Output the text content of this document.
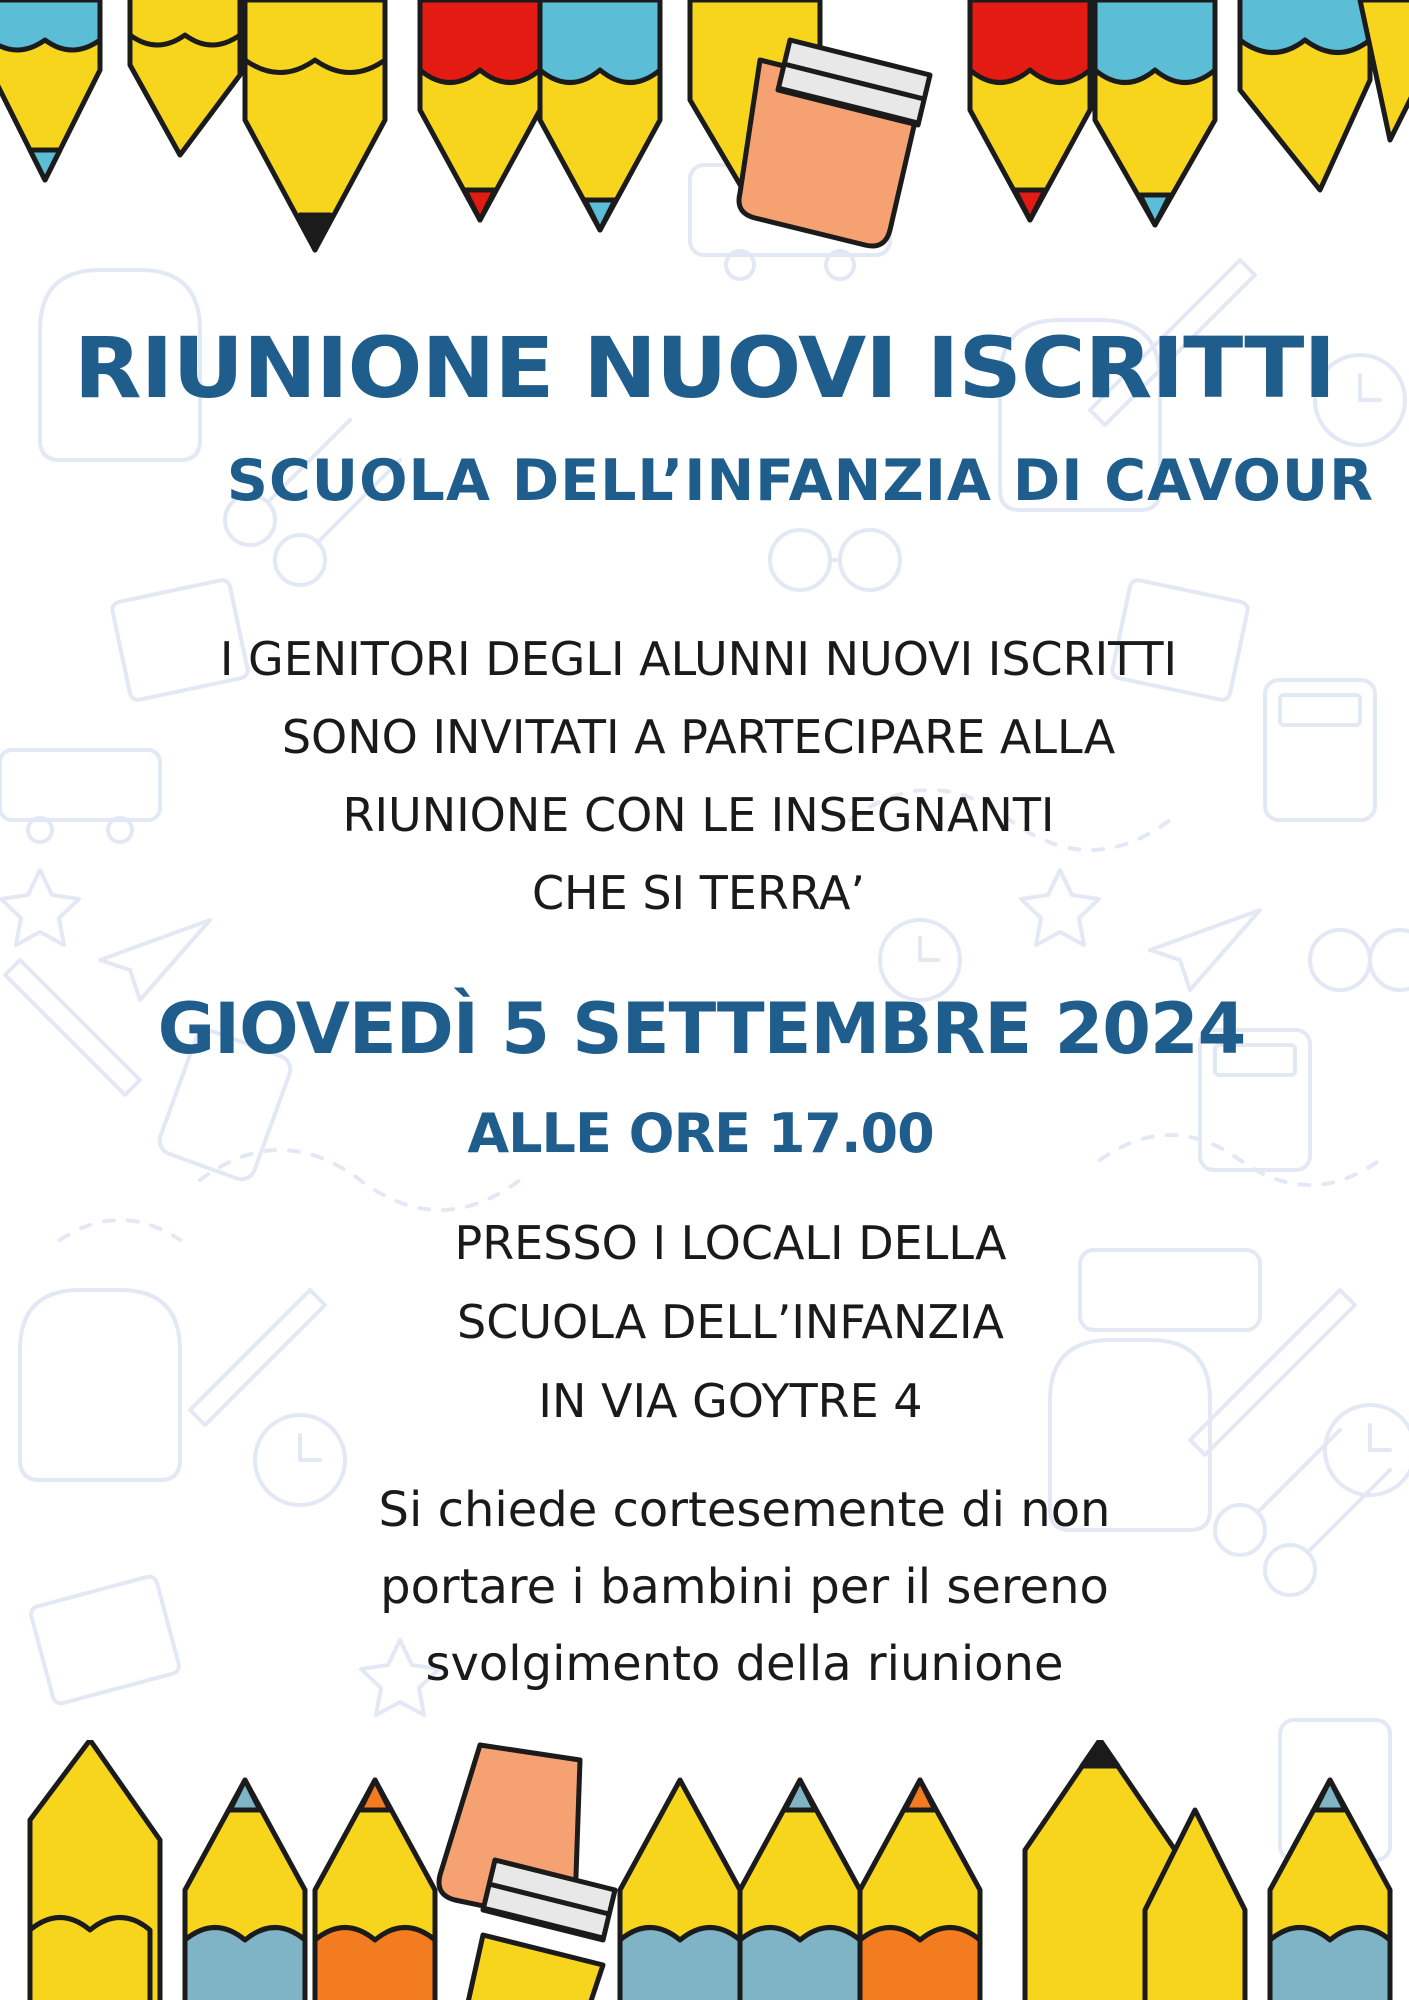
RIUNIONE NUOVI ISCRITTI
SCUOLA DELL’INFANZIA DI CAVOUR
I GENITORI DEGLI ALUNNI NUOVI ISCRITTI
SONO INVITATI A PARTECIPARE ALLA
RIUNIONE CON LE INSEGNANTI
CHE SI TERRA’
GIOVEDÌ 5 SETTEMBRE 2024
ALLE ORE 17.00
PRESSO I LOCALI DELLA
SCUOLA DELL’INFANZIA
IN VIA GOYTRE 4
Si chiede cortesemente di non
portare i bambini per il sereno
svolgimento della riunione
